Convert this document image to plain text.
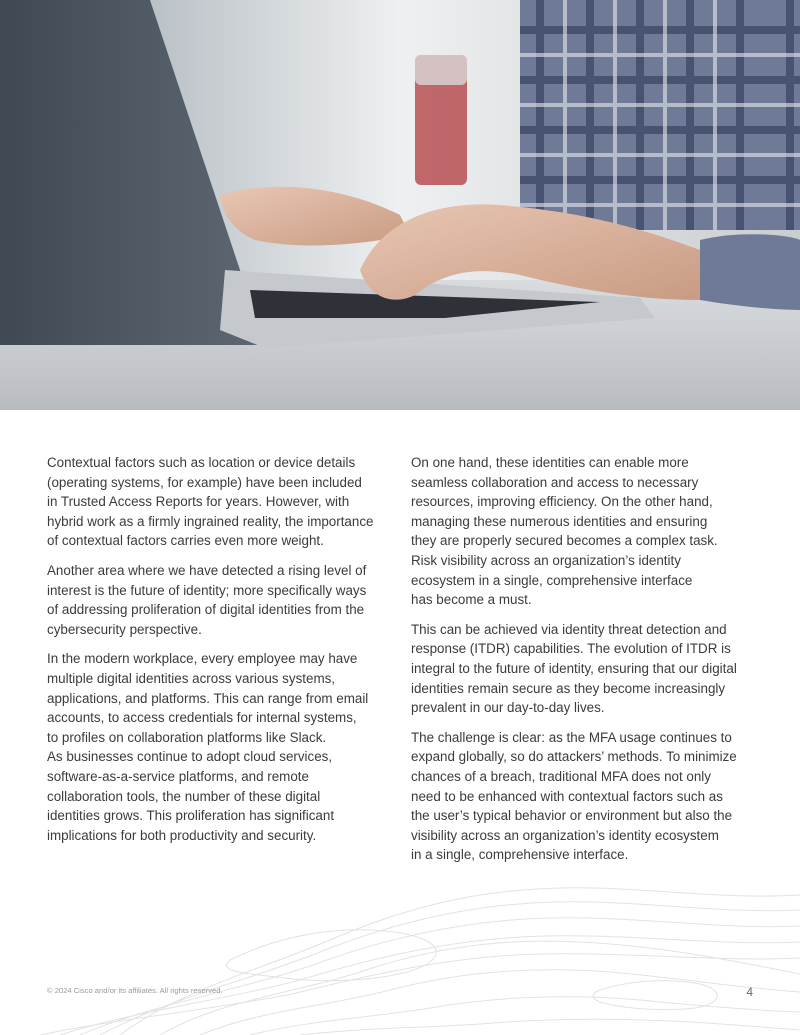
Contextual factors such as location or device details
(operating systems, for example) have been included
in Trusted Access Reports for years. However, with
hybrid work as a firmly ingrained reality, the importance
of contextual factors carries even more weight.

Another area where we have detected a rising level of
interest is the future of identity; more specifically ways
of addressing proliferation of digital identities from the
cybersecurity perspective.

In the modern workplace, every employee may have
multiple digital identities across various systems,
applications, and platforms. This can range from email
accounts, to access credentials for internal systems,
to profiles on collaboration platforms like Slack.
As businesses continue to adopt cloud services,
software-as-a-service platforms, and remote
collaboration tools, the number of these digital
identities grows. This proliferation has significant
implications for both productivity and security.

On one hand, these identities can enable more
seamless collaboration and access to necessary
resources, improving efficiency. On the other hand,
managing these numerous identities and ensuring
they are properly secured becomes a complex task.
Risk visibility across an organization’s identity
ecosystem in a single, comprehensive interface
has become a must.

This can be achieved via identity threat detection and
response (ITDR) capabilities. The evolution of ITDR is
integral to the future of identity, ensuring that our digital
identities remain secure as they become increasingly
prevalent in our day-to-day lives.

The challenge is clear: as the MFA usage continues to
expand globally, so do attackers’ methods. To minimize
chances of a breach, traditional MFA does not only
need to be enhanced with contextual factors such as
the user’s typical behavior or environment but also the
visibility across an organization’s identity ecosystem
in a single, comprehensive interface.

© 2024 Cisco and/or its affiliates. All rights reserved.	4
